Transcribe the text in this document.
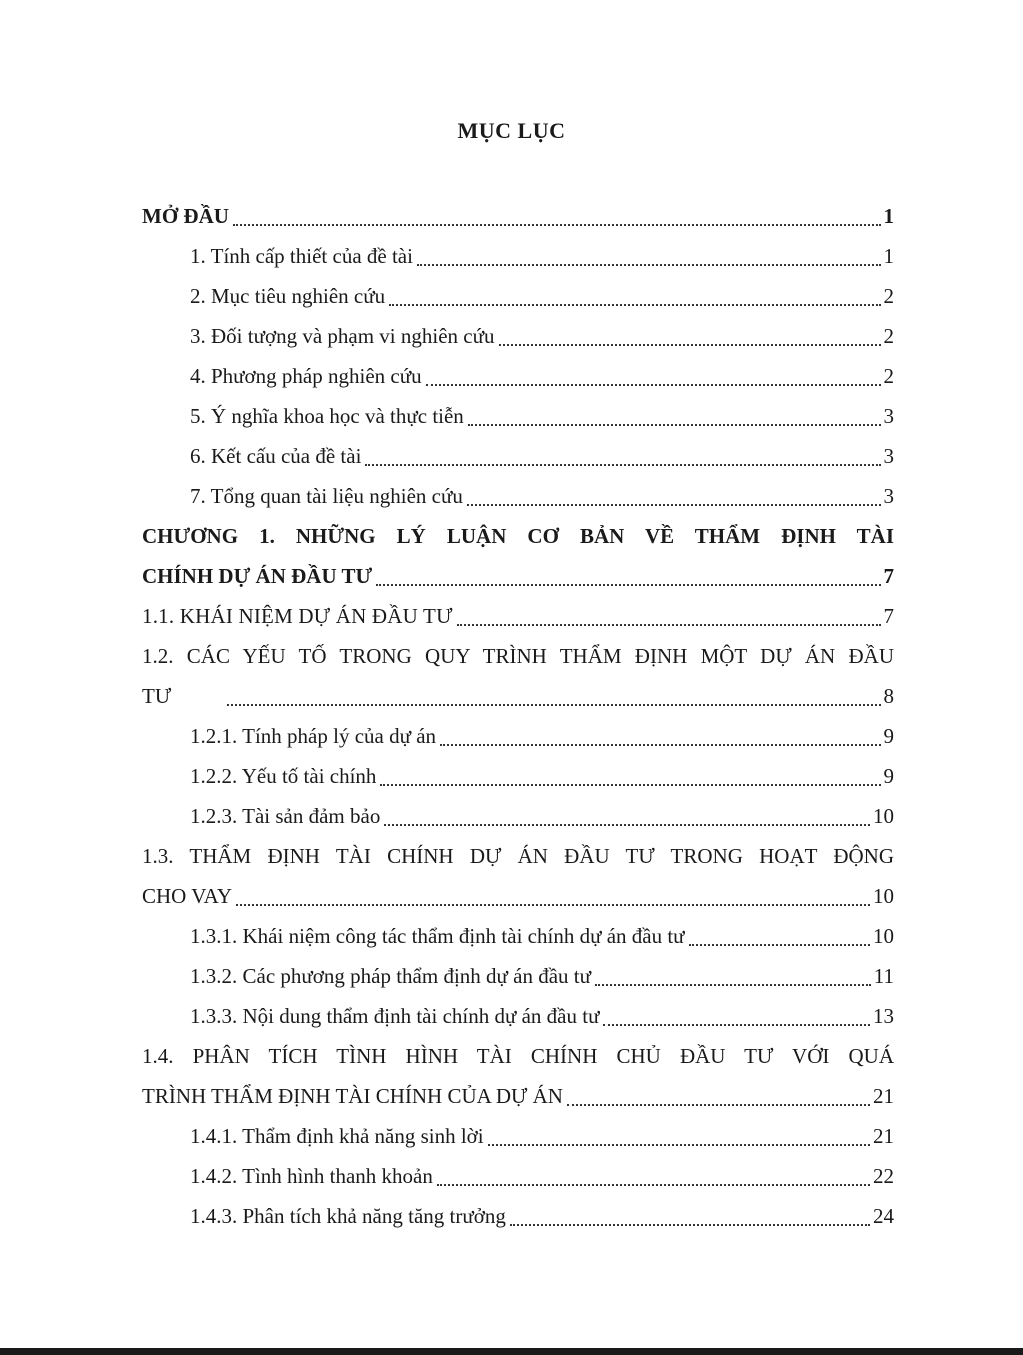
MỤC LỤC
MỞ ĐẦU	1
1. Tính cấp thiết của đề tài	1
2. Mục tiêu nghiên cứu	2
3. Đối tượng và phạm vi nghiên cứu	2
4. Phương pháp nghiên cứu	2
5. Ý nghĩa khoa học và thực tiễn	3
6. Kết cấu của đề tài	3
7. Tổng quan tài liệu nghiên cứu	3
CHƯƠNG 1. NHỮNG LÝ LUẬN CƠ BẢN VỀ THẨM ĐỊNH TÀI
CHÍNH DỰ ÁN ĐẦU TƯ	7
1.1. KHÁI NIỆM DỰ ÁN ĐẦU TƯ	7
1.2. CÁC YẾU TỐ TRONG QUY TRÌNH THẨM ĐỊNH MỘT DỰ ÁN ĐẦU
TƯ	8
1.2.1. Tính pháp lý của dự án	9
1.2.2. Yếu tố tài chính	9
1.2.3. Tài sản đảm bảo	10
1.3. THẨM ĐỊNH TÀI CHÍNH DỰ ÁN ĐẦU TƯ TRONG HOẠT ĐỘNG
CHO VAY	10
1.3.1. Khái niệm công tác thẩm định tài chính dự án đầu tư	10
1.3.2. Các phương pháp thẩm định dự án đầu tư	11
1.3.3. Nội dung thẩm định tài chính dự án đầu tư	13
1.4. PHÂN TÍCH TÌNH HÌNH TÀI CHÍNH CHỦ ĐẦU TƯ VỚI QUÁ
TRÌNH THẨM ĐỊNH TÀI CHÍNH CỦA DỰ ÁN	21
1.4.1. Thẩm định khả năng sinh lời	21
1.4.2. Tình hình thanh khoản	22
1.4.3. Phân tích khả năng tăng trưởng	24
